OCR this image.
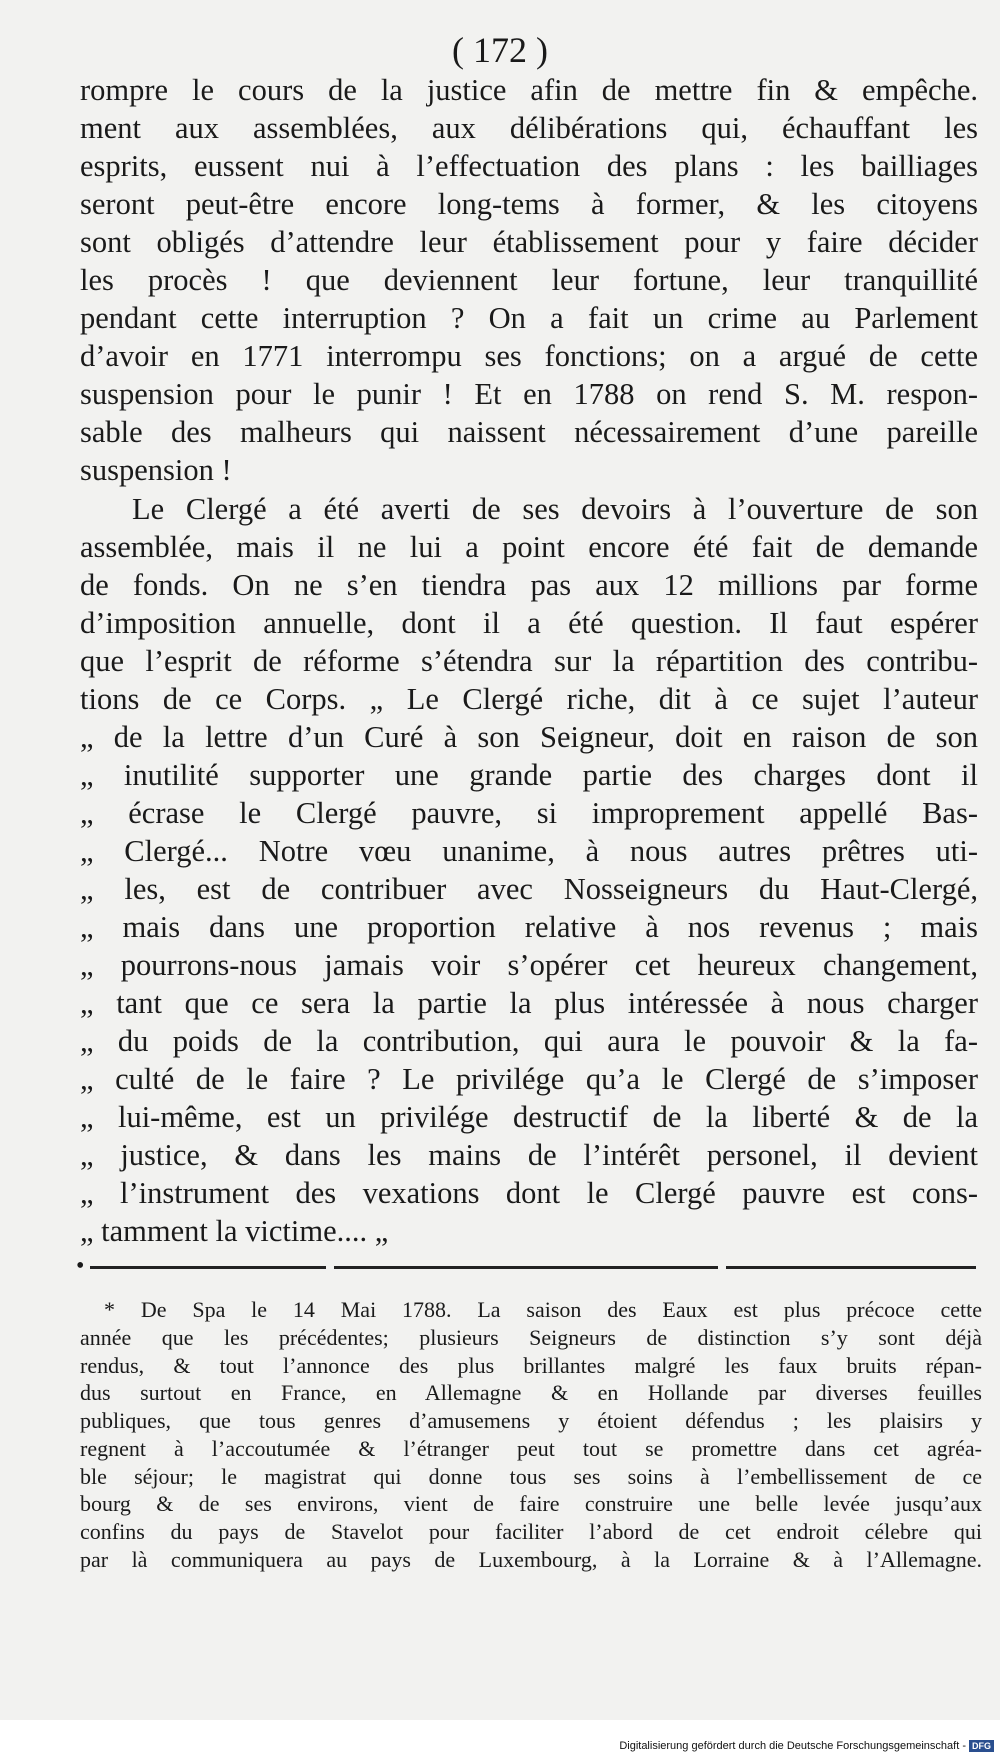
( 172 )
rompre le cours de la justice afin de mettre fin & empêche.
ment aux assemblées, aux délibérations qui, échauffant les
esprits, eussent nui à l’effectuation des plans : les bailliages
seront peut-être encore long-tems à former, & les citoyens
sont obligés d’attendre leur établissement pour y faire décider
les procès ! que deviennent leur fortune, leur tranquillité
pendant cette interruption ? On a fait un crime au Parlement
d’avoir en 1771 interrompu ses fonctions; on a argué de cette
suspension pour le punir ! Et en 1788 on rend S. M. respon-
sable des malheurs qui naissent nécessairement d’une pareille
suspension !
Le Clergé a été averti de ses devoirs à l’ouverture de son
assemblée, mais il ne lui a point encore été fait de demande
de fonds. On ne s’en tiendra pas aux 12 millions par forme
d’imposition annuelle, dont il a été question. Il faut espérer
que l’esprit de réforme s’étendra sur la répartition des contribu-
tions de ce Corps. „ Le Clergé riche, dit à ce sujet l’auteur
„ de la lettre d’un Curé à son Seigneur, doit en raison de son
„ inutilité supporter une grande partie des charges dont il
„ écrase le Clergé pauvre, si improprement appellé Bas-
„ Clergé... Notre vœu unanime, à nous autres prêtres uti-
„ les, est de contribuer avec Nosseigneurs du Haut-Clergé,
„ mais dans une proportion relative à nos revenus ; mais
„ pourrons-nous jamais voir s’opérer cet heureux changement,
„ tant que ce sera la partie la plus intéressée à nous charger
„ du poids de la contribution, qui aura le pouvoir & la fa-
„ culté de le faire ? Le privilége qu’a le Clergé de s’imposer
„ lui-même, est un privilége destructif de la liberté & de la
„ justice, & dans les mains de l’intérêt personel, il devient
„ l’instrument des vexations dont le Clergé pauvre est cons-
„ tamment la victime.... „
•
* De Spa le 14 Mai 1788. La saison des Eaux est plus précoce cette
année que les précédentes; plusieurs Seigneurs de distinction s’y sont déjà
rendus, & tout l’annonce des plus brillantes malgré les faux bruits répan-
dus surtout en France, en Allemagne & en Hollande par diverses feuilles
publiques, que tous genres d’amusemens y étoient défendus ; les plaisirs y
regnent à l’accoutumée & l’étranger peut tout se promettre dans cet agréa-
ble séjour; le magistrat qui donne tous ses soins à l’embellissement de ce
bourg & de ses environs, vient de faire construire une belle levée jusqu’aux
confins du pays de Stavelot pour faciliter l’abord de cet endroit célebre qui
par là communiquera au pays de Luxembourg, à la Lorraine & à l’Allemagne.
Digitalisierung gefördert durch die Deutsche Forschungsgemeinschaft - DFG
